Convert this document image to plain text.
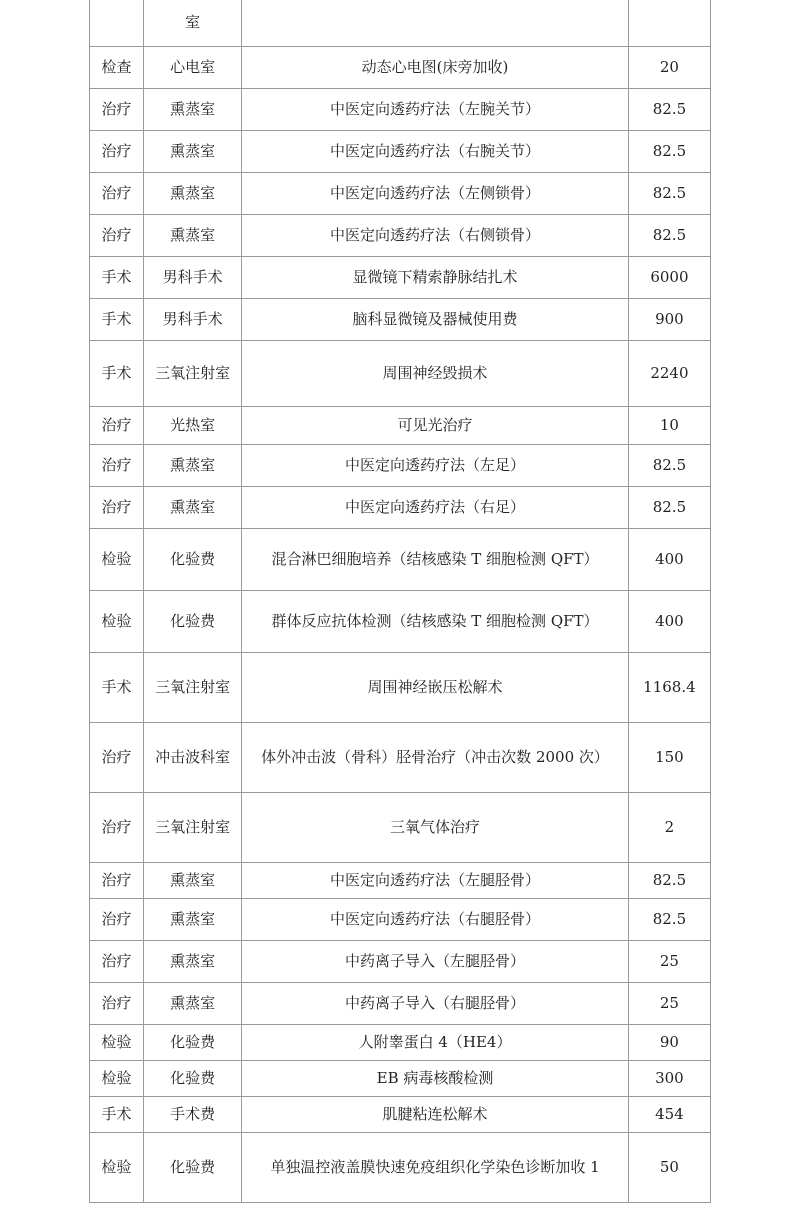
	室		

检查	心电室	动态心电图(床旁加收)	20

治疗	熏蒸室	中医定向透药疗法（左腕关节）	82.5

治疗	熏蒸室	中医定向透药疗法（右腕关节）	82.5

治疗	熏蒸室	中医定向透药疗法（左侧锁骨）	82.5

治疗	熏蒸室	中医定向透药疗法（右侧锁骨）	82.5

手术	男科手术	显微镜下精索静脉结扎术	6000

手术	男科手术	脑科显微镜及器械使用费	900

手术	三氧注射室	周围神经毁损术	2240

治疗	光热室	可见光治疗	10

治疗	熏蒸室	中医定向透药疗法（左足）	82.5

治疗	熏蒸室	中医定向透药疗法（右足）	82.5

检验	化验费	混合淋巴细胞培养（结核感染 T 细胞检测 QFT）	400

检验	化验费	群体反应抗体检测（结核感染 T 细胞检测 QFT）	400

手术	三氧注射室	周围神经嵌压松解术	1168.4

治疗	冲击波科室	体外冲击波（骨科）胫骨治疗（冲击次数 2000 次）	150

治疗	三氧注射室	三氧气体治疗	2

治疗	熏蒸室	中医定向透药疗法（左腿胫骨）	82.5

治疗	熏蒸室	中医定向透药疗法（右腿胫骨）	82.5

治疗	熏蒸室	中药离子导入（左腿胫骨）	25

治疗	熏蒸室	中药离子导入（右腿胫骨）	25

检验	化验费	人附睾蛋白 4（HE4）	90

检验	化验费	EB 病毒核酸检测	300

手术	手术费	肌腱粘连松解术	454

检验	化验费	单独温控液盖膜快速免疫组织化学染色诊断加收 1	50
